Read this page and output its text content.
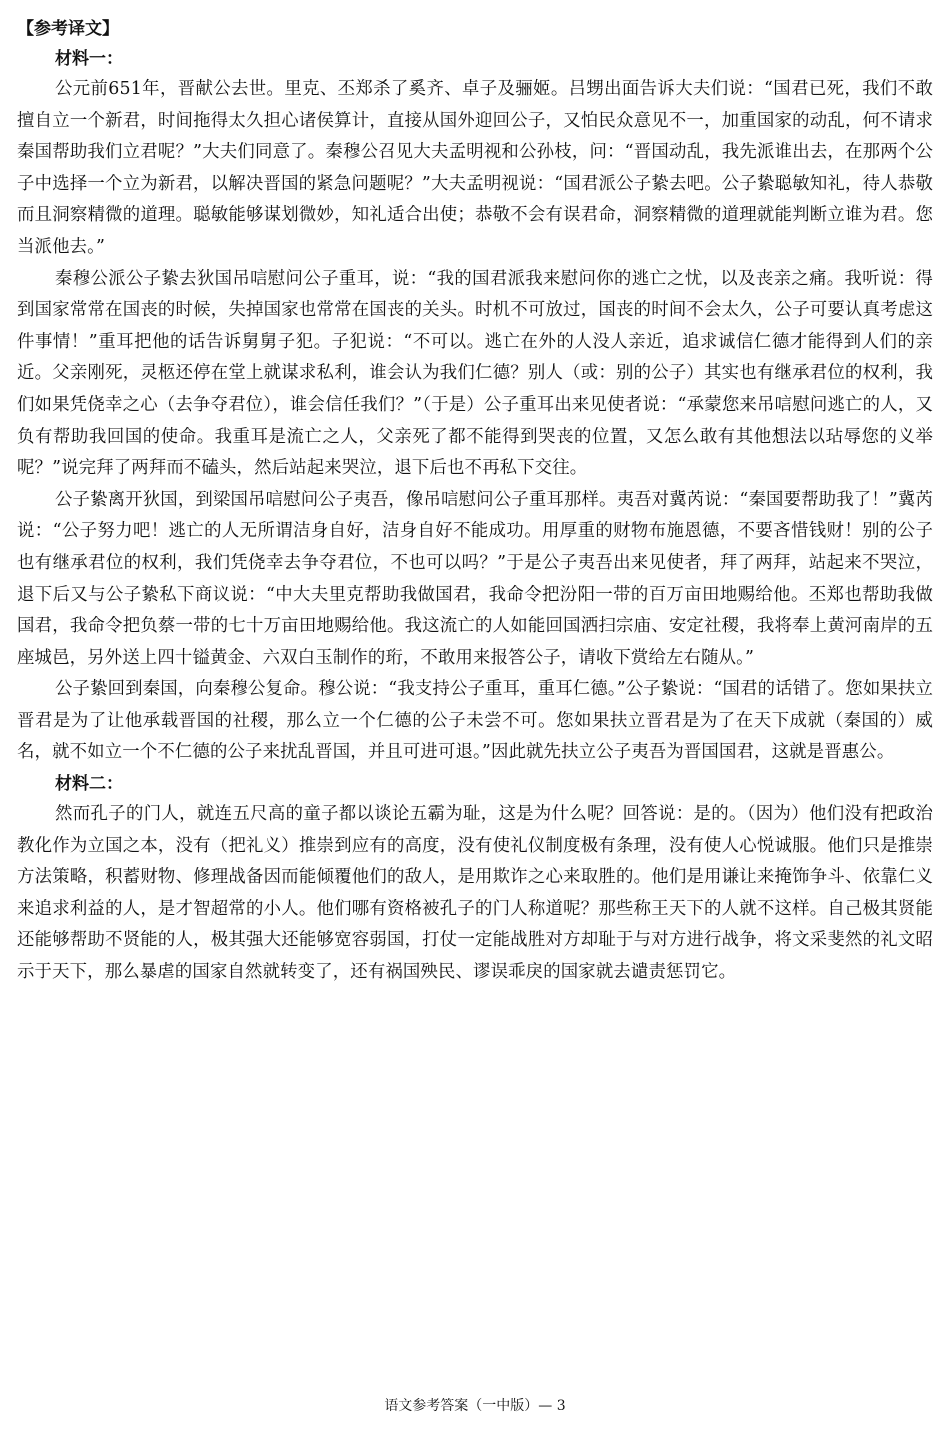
【参考译文】

材料一：

公元前651年，晋献公去世。里克、丕郑杀了奚齐、卓子及骊姬。吕甥出面告诉大夫们说：“国君已死，我们不敢擅自立一个新君，时间拖得太久担心诸侯算计，直接从国外迎回公子，又怕民众意见不一，加重国家的动乱，何不请求秦国帮助我们立君呢？”大夫们同意了。秦穆公召见大夫孟明视和公孙枝，问：“晋国动乱，我先派谁出去，在那两个公子中选择一个立为新君，以解决晋国的紧急问题呢？”大夫孟明视说：“国君派公子絷去吧。公子絷聪敏知礼，待人恭敬而且洞察精微的道理。聪敏能够谋划微妙，知礼适合出使；恭敬不会有误君命，洞察精微的道理就能判断立谁为君。您当派他去。”

秦穆公派公子絷去狄国吊唁慰问公子重耳，说：“我的国君派我来慰问你的逃亡之忧，以及丧亲之痛。我听说：得到国家常常在国丧的时候，失掉国家也常常在国丧的关头。时机不可放过，国丧的时间不会太久，公子可要认真考虑这件事情！”重耳把他的话告诉舅舅子犯。子犯说：“不可以。逃亡在外的人没人亲近，追求诚信仁德才能得到人们的亲近。父亲刚死，灵柩还停在堂上就谋求私利，谁会认为我们仁德？别人（或：别的公子）其实也有继承君位的权利，我们如果凭侥幸之心（去争夺君位），谁会信任我们？”（于是）公子重耳出来见使者说：“承蒙您来吊唁慰问逃亡的人，又负有帮助我回国的使命。我重耳是流亡之人，父亲死了都不能得到哭丧的位置，又怎么敢有其他想法以玷辱您的义举呢？”说完拜了两拜而不磕头，然后站起来哭泣，退下后也不再私下交往。

公子絷离开狄国，到梁国吊唁慰问公子夷吾，像吊唁慰问公子重耳那样。夷吾对冀芮说：“秦国要帮助我了！”冀芮说：“公子努力吧！逃亡的人无所谓洁身自好，洁身自好不能成功。用厚重的财物布施恩德，不要吝惜钱财！别的公子也有继承君位的权利，我们凭侥幸去争夺君位，不也可以吗？”于是公子夷吾出来见使者，拜了两拜，站起来不哭泣，退下后又与公子絷私下商议说：“中大夫里克帮助我做国君，我命令把汾阳一带的百万亩田地赐给他。丕郑也帮助我做国君，我命令把负蔡一带的七十万亩田地赐给他。我这流亡的人如能回国洒扫宗庙、安定社稷，我将奉上黄河南岸的五座城邑，另外送上四十镒黄金、六双白玉制作的珩，不敢用来报答公子，请收下赏给左右随从。”

公子絷回到秦国，向秦穆公复命。穆公说：“我支持公子重耳，重耳仁德。”公子絷说：“国君的话错了。您如果扶立晋君是为了让他承载晋国的社稷，那么立一个仁德的公子未尝不可。您如果扶立晋君是为了在天下成就（秦国的）威名，就不如立一个不仁德的公子来扰乱晋国，并且可进可退。”因此就先扶立公子夷吾为晋国国君，这就是晋惠公。

材料二：

然而孔子的门人，就连五尺高的童子都以谈论五霸为耻，这是为什么呢？回答说：是的。（因为）他们没有把政治教化作为立国之本，没有（把礼义）推崇到应有的高度，没有使礼仪制度极有条理，没有使人心悦诚服。他们只是推崇方法策略，积蓄财物、修理战备因而能倾覆他们的敌人，是用欺诈之心来取胜的。他们是用谦让来掩饰争斗、依靠仁义来追求利益的人，是才智超常的小人。他们哪有资格被孔子的门人称道呢？那些称王天下的人就不这样。自己极其贤能还能够帮助不贤能的人，极其强大还能够宽容弱国，打仗一定能战胜对方却耻于与对方进行战争，将文采斐然的礼文昭示于天下，那么暴虐的国家自然就转变了，还有祸国殃民、谬误乖戾的国家就去谴责惩罚它。

语文参考答案（一中版）— 3
